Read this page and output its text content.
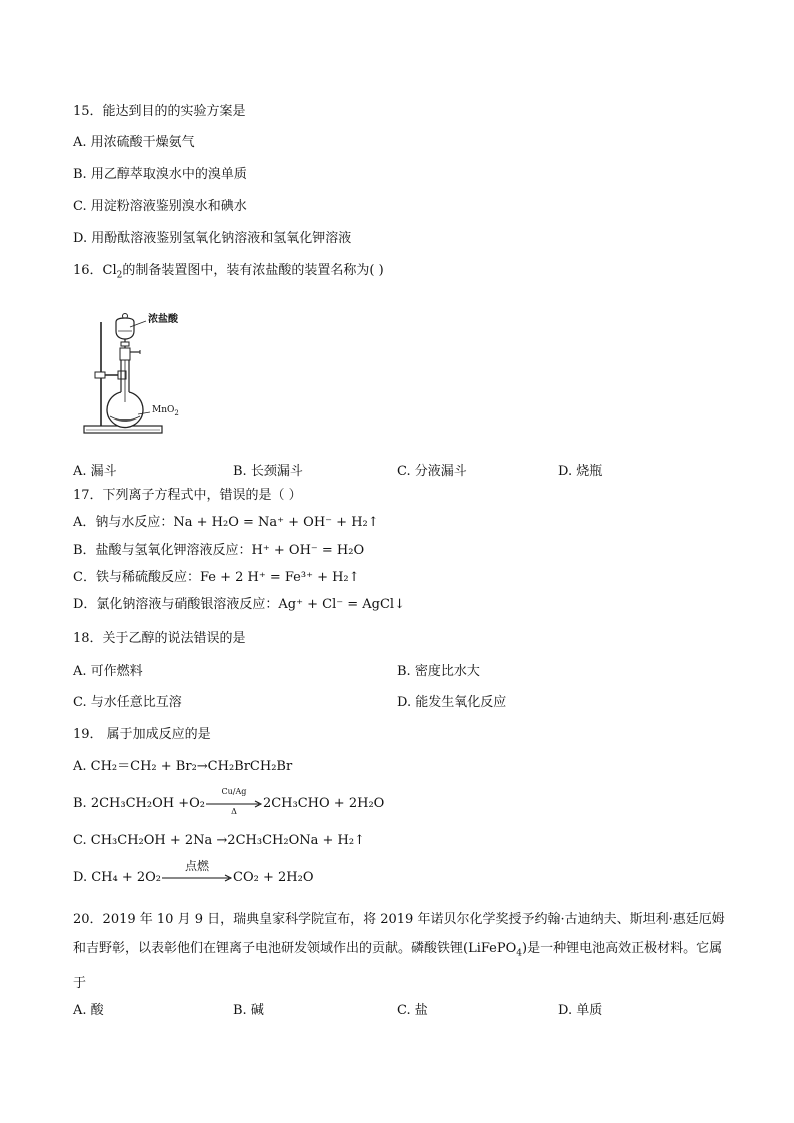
15．能达到目的的实验方案是
A. 用浓硫酸干燥氨气
B. 用乙醇萃取溴水中的溴单质
C. 用淀粉溶液鉴别溴水和碘水
D. 用酚酞溶液鉴别氢氧化钠溶液和氢氧化钾溶液
16．$Cl_2$的制备装置图中，装有浓盐酸的装置名称为( )
浓盐酸
MnO$_2$
A. 漏斗	B. 长颈漏斗	C. 分液漏斗	D. 烧瓶
17．下列离子方程式中，错误的是（ ）
A．钠与水反应：Na + H₂O = Na⁺ + OH⁻ + H₂↑
B．盐酸与氢氧化钾溶液反应：H⁺ + OH⁻ = H₂O
C．铁与稀硫酸反应：Fe + 2 H⁺ = Fe³⁺ + H₂↑
D．氯化钠溶液与硝酸银溶液反应：Ag⁺ + Cl⁻ = AgCl↓
18．关于乙醇的说法错误的是
A. 可作燃料	B. 密度比水大
C. 与水任意比互溶	D. 能发生氧化反应
19． 属于加成反应的是
A. CH₂＝CH₂ + Br₂→CH₂BrCH₂Br
B. 2CH₃CH₂OH +O₂
Cu/Ag
Δ	2CH₃CHO + 2H₂O
C. CH₃CH₂OH + 2Na →2CH₃CH₂ONa + H₂↑
D. CH₄ + 2O₂
点燃
CO₂ + 2H₂O
20．2019 年 10 月 9 日，瑞典皇家科学院宣布，将 2019 年诺贝尔化学奖授予约翰·古迪纳夫、斯坦利·惠廷厄姆和吉野彰，以表彰他们在锂离子电池研发领域作出的贡献。磷酸铁锂(LiFePO$_4$)是一种锂电池高效正极材料。它属于
A. 酸	B. 碱	C. 盐	D. 单质
